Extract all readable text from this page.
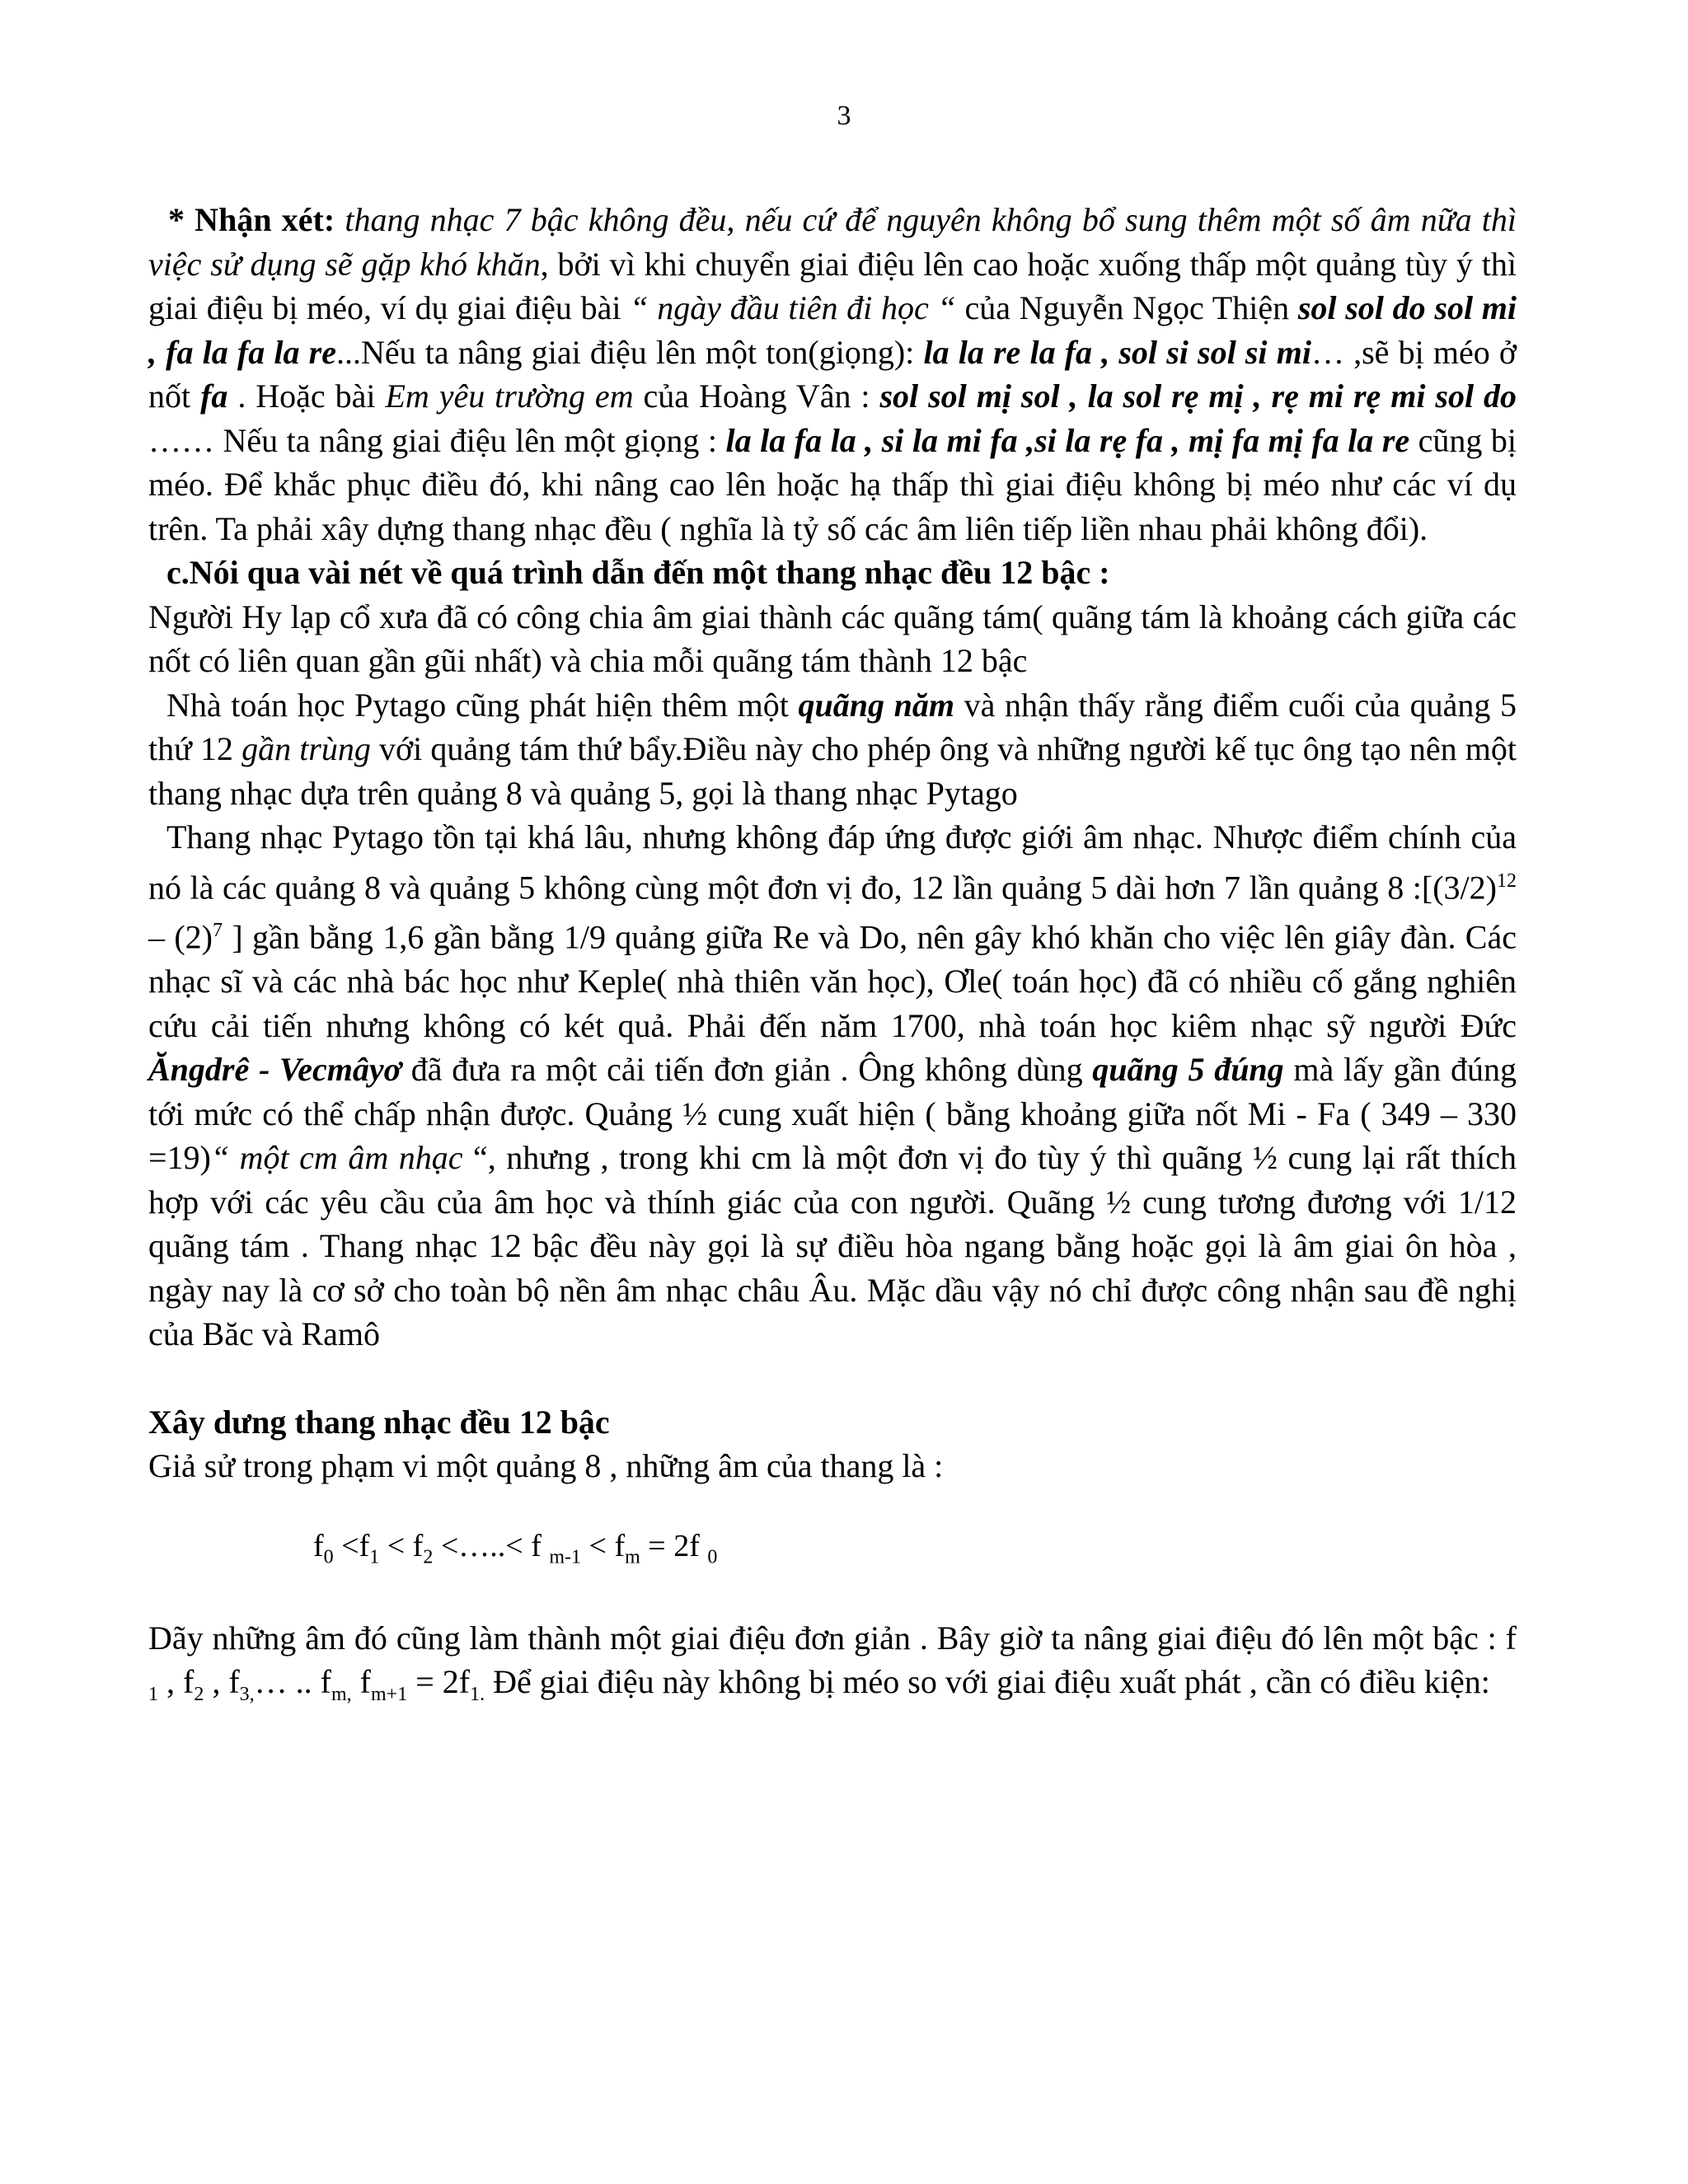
3

* Nhận xét: thang nhạc 7 bậc không đều, nếu cứ để nguyên không bổ sung thêm một số âm nữa thì việc sử dụng sẽ gặp khó khăn, bởi vì khi chuyển giai điệu lên cao hoặc xuống thấp một quảng tùy ý thì giai điệu bị méo, ví dụ giai điệu bài “ ngày đầu tiên đi học “ của Nguyễn Ngọc Thiện sol sol do sol mi , fa la fa la re...Nếu ta nâng giai điệu lên một ton(giọng): la la re la fa , sol si sol si mi… ,sẽ bị méo ở nốt fa . Hoặc bài Em yêu trường em của Hoàng Vân : sol sol mị sol , la sol rẹ mị , rẹ mi rẹ mi sol do …… Nếu ta nâng giai điệu lên một giọng : la la fa la , si la mi fa ,si la rẹ fa , mị fa mị fa la re cũng bị méo. Để khắc phục điều đó, khi nâng cao lên hoặc hạ thấp thì giai điệu không bị méo như các ví dụ trên. Ta phải xây dựng thang nhạc đều ( nghĩa là tỷ số các âm liên tiếp liền nhau phải không đổi).

c.Nói qua vài nét về quá trình dẫn đến một thang nhạc đều 12 bậc :

Người Hy lạp cổ xưa đã có công chia âm giai thành các quãng tám( quãng tám là khoảng cách giữa các nốt có liên quan gần gũi nhất) và chia mỗi quãng tám thành 12 bậc

Nhà toán học Pytago cũng phát hiện thêm một quãng năm và nhận thấy rằng điểm cuối của quảng 5 thứ 12 gần trùng với quảng tám thứ bẩy.Điều này cho phép ông và những người kế tục ông tạo nên một thang nhạc dựa trên quảng 8 và quảng 5, gọi là thang nhạc Pytago

Thang nhạc Pytago tồn tại khá lâu, nhưng không đáp ứng được giới âm nhạc. Nhược điểm chính của nó là các quảng 8 và quảng 5 không cùng một đơn vị đo, 12 lần quảng 5 dài hơn 7 lần quảng 8 $:[(3/2)^{12} - (2)^7$ ] gần bằng 1,6 gần bằng 1/9 quảng giữa Re và Do, nên gây khó khăn cho việc lên giây đàn. Các nhạc sĩ và các nhà bác học như Keple( nhà thiên văn học), Ơle( toán học) đã có nhiều cố gắng nghiên cứu cải tiến nhưng không có két quả. Phải đến năm 1700, nhà toán học kiêm nhạc sỹ người Đức Ăngdrê - Vecmâyơ đã đưa ra một cải tiến đơn giản . Ông không dùng quãng 5 đúng mà lấy gần đúng tới mức có thể chấp nhận được. Quảng ½ cung xuất hiện ( bằng khoảng giữa nốt Mi - Fa ( 349 – 330 =19)“ một cm âm nhạc “, nhưng , trong khi cm là một đơn vị đo tùy ý thì quãng ½ cung lại rất thích hợp với các yêu cầu của âm học và thính giác của con người. Quãng ½ cung tương đương với 1/12 quãng tám . Thang nhạc 12 bậc đều này gọi là sự điều hòa ngang bằng hoặc gọi là âm giai ôn hòa , ngày nay là cơ sở cho toàn bộ nền âm nhạc châu Âu. Mặc dầu vậy nó chỉ được công nhận sau đề nghị của Băc và Ramô

Xây dưng thang nhạc đều 12 bậc

Giả sử trong phạm vi một quảng 8 , những âm của thang là :

$f_0 <f_1 < f_2$ <…..< f $_{m-1} < f_m = 2f$ $_0$

Dãy những âm đó cũng làm thành một giai điệu đơn giản . Bây giờ ta nâng giai điệu đó lên một bậc : f $_1$ , $f_2$ , $f_{3,}\dots$ .. $f_{m,}$ $f_{m+1} = 2f_{1.}$ Để giai điệu này không bị méo so với giai điệu xuất phát , cần có điều kiện:
